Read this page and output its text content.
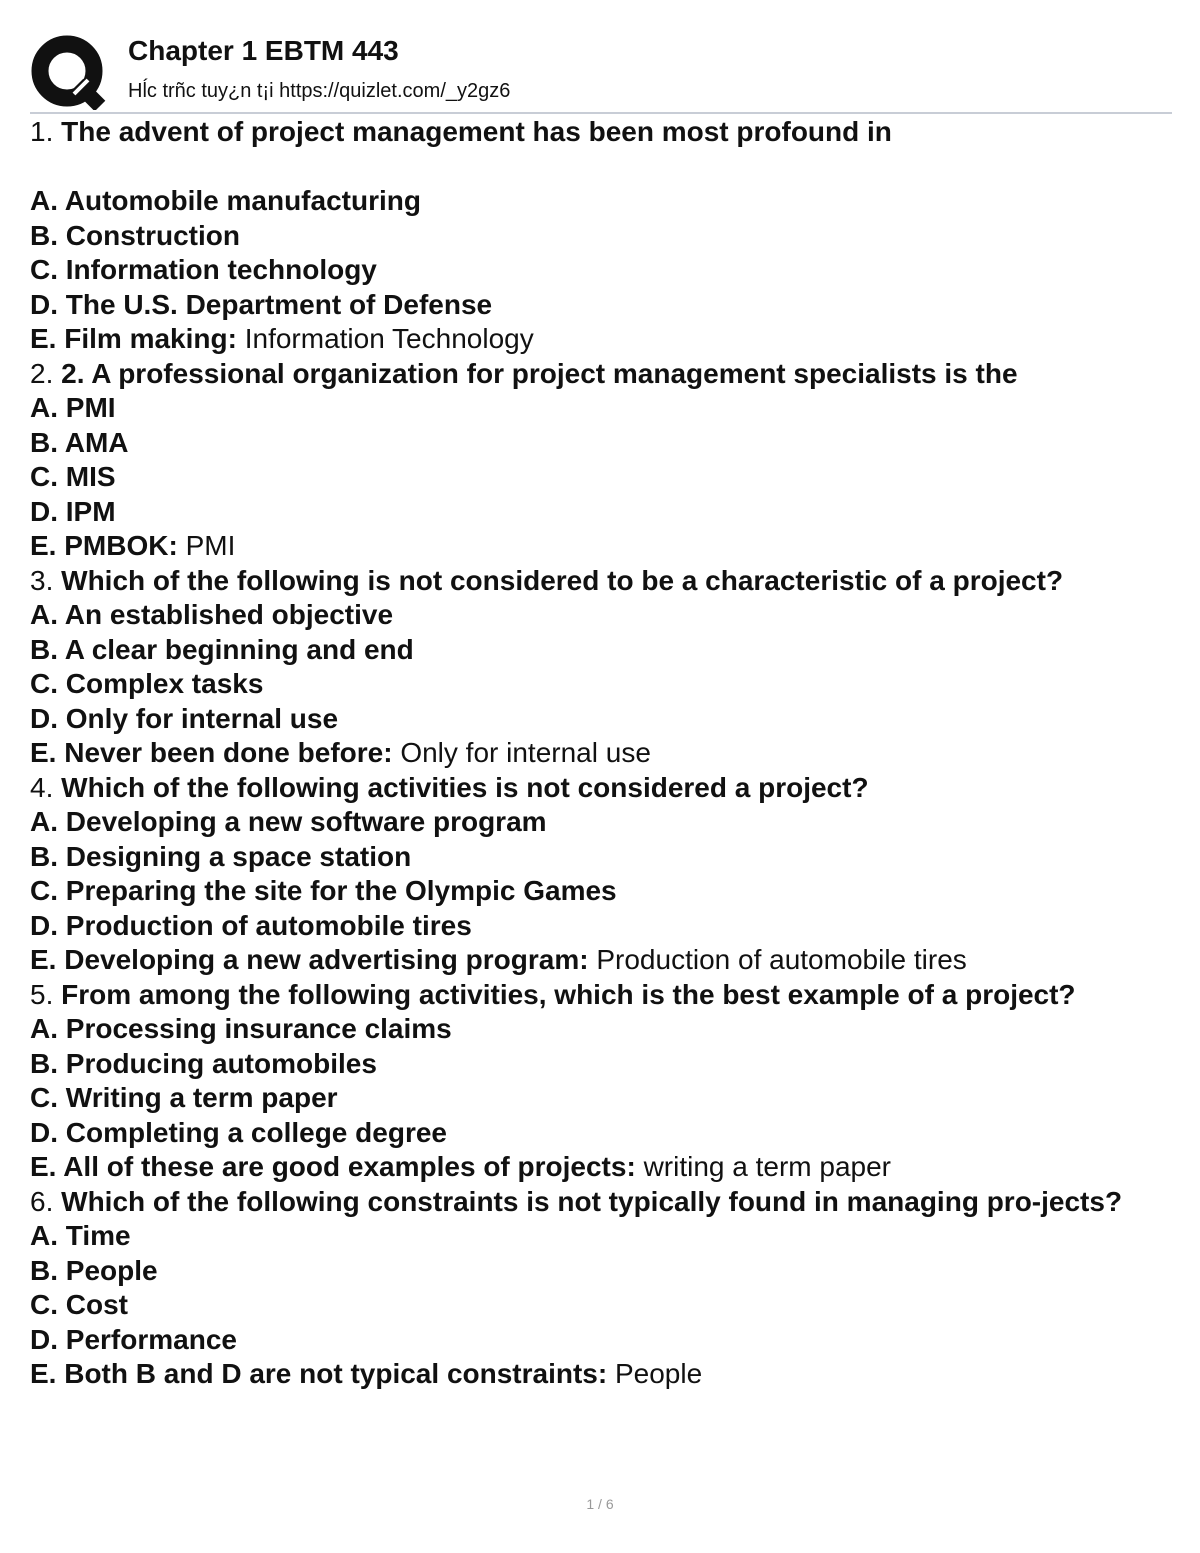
Chapter 1 EBTM 443
Hĺc trñc tuy¿n t¡i https://quizlet.com/_y2gz6
1. The advent of project management has been most profound in
A. Automobile manufacturing
B. Construction
C. Information technology
D. The U.S. Department of Defense
E. Film making: Information Technology
2. 2. A professional organization for project management specialists is the
A. PMI
B. AMA
C. MIS
D. IPM
E. PMBOK: PMI
3. Which of the following is not considered to be a characteristic of a project?
A. An established objective
B. A clear beginning and end
C. Complex tasks
D. Only for internal use
E. Never been done before: Only for internal use
4. Which of the following activities is not considered a project?
A. Developing a new software program
B. Designing a space station
C. Preparing the site for the Olympic Games
D. Production of automobile tires
E. Developing a new advertising program: Production of automobile tires
5. From among the following activities, which is the best example of a project?
A. Processing insurance claims
B. Producing automobiles
C. Writing a term paper
D. Completing a college degree
E. All of these are good examples of projects: writing a term paper
6. Which of the following constraints is not typically found in managing pro-jects?
A. Time
B. People
C. Cost
D. Performance
E. Both B and D are not typical constraints: People
1 / 6
